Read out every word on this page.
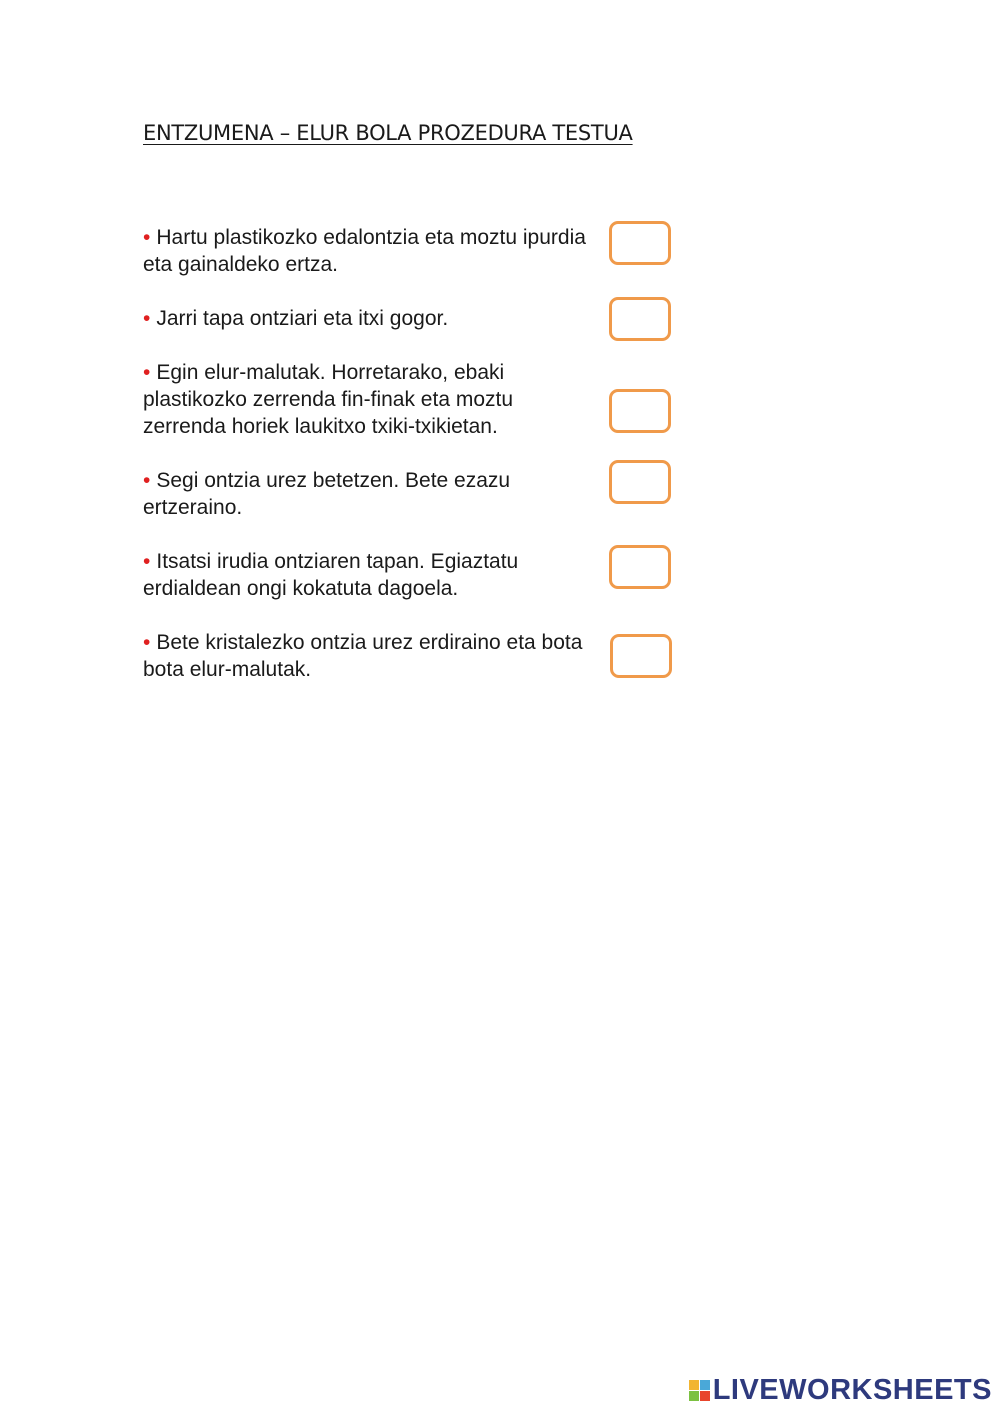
ENTZUMENA – ELUR BOLA PROZEDURA TESTUA
• Hartu plastikozko edalontzia eta moztu ipurdia eta gainaldeko ertza.
• Jarri tapa ontziari eta itxi gogor.
• Egin elur-malutak. Horretarako, ebaki plastikozko zerrenda fin-finak eta moztu zerrenda horiek laukitxo txiki-txikietan.
• Segi ontzia urez betetzen. Bete ezazu ertzeraino.
• Itsatsi irudia ontziaren tapan. Egiaztatu erdialdean ongi kokatuta dagoela.
• Bete kristalezko ontzia urez erdiraino eta bota bota elur-malutak.
LIVEWORKSHEETS
